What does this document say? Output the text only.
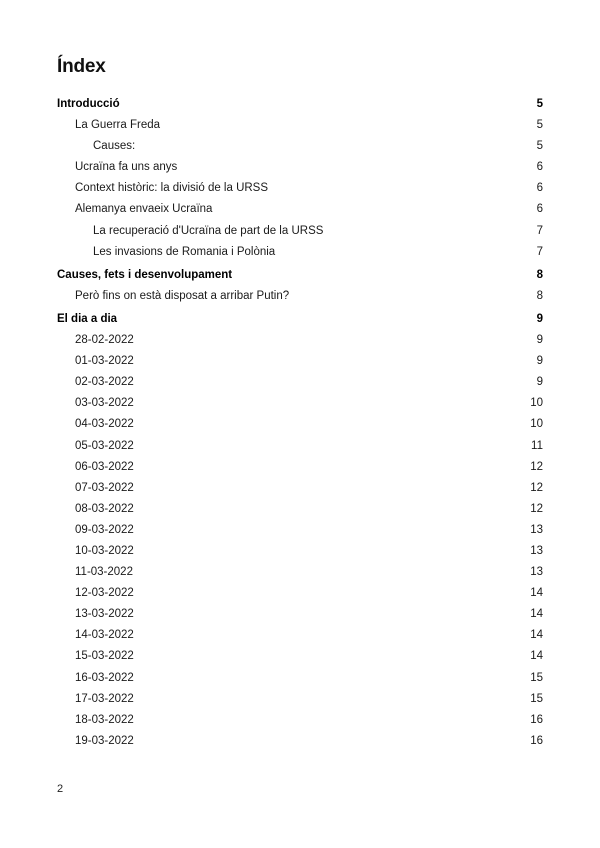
Índex
Introducció	5
La Guerra Freda	5
Causes:	5
Ucraïna fa uns anys	6
Context històric: la divisió de la URSS	6
Alemanya envaeix Ucraïna	6
La recuperació d'Ucraïna de part de la URSS	7
Les invasions de Romania i Polònia	7
Causes, fets i desenvolupament	8
Però fins on està disposat a arribar Putin?	8
El dia a dia	9
28-02-2022	9
01-03-2022	9
02-03-2022	9
03-03-2022	10
04-03-2022	10
05-03-2022	11
06-03-2022	12
07-03-2022	12
08-03-2022	12
09-03-2022	13
10-03-2022	13
11-03-2022	13
12-03-2022	14
13-03-2022	14
14-03-2022	14
15-03-2022	14
16-03-2022	15
17-03-2022	15
18-03-2022	16
19-03-2022	16
2
